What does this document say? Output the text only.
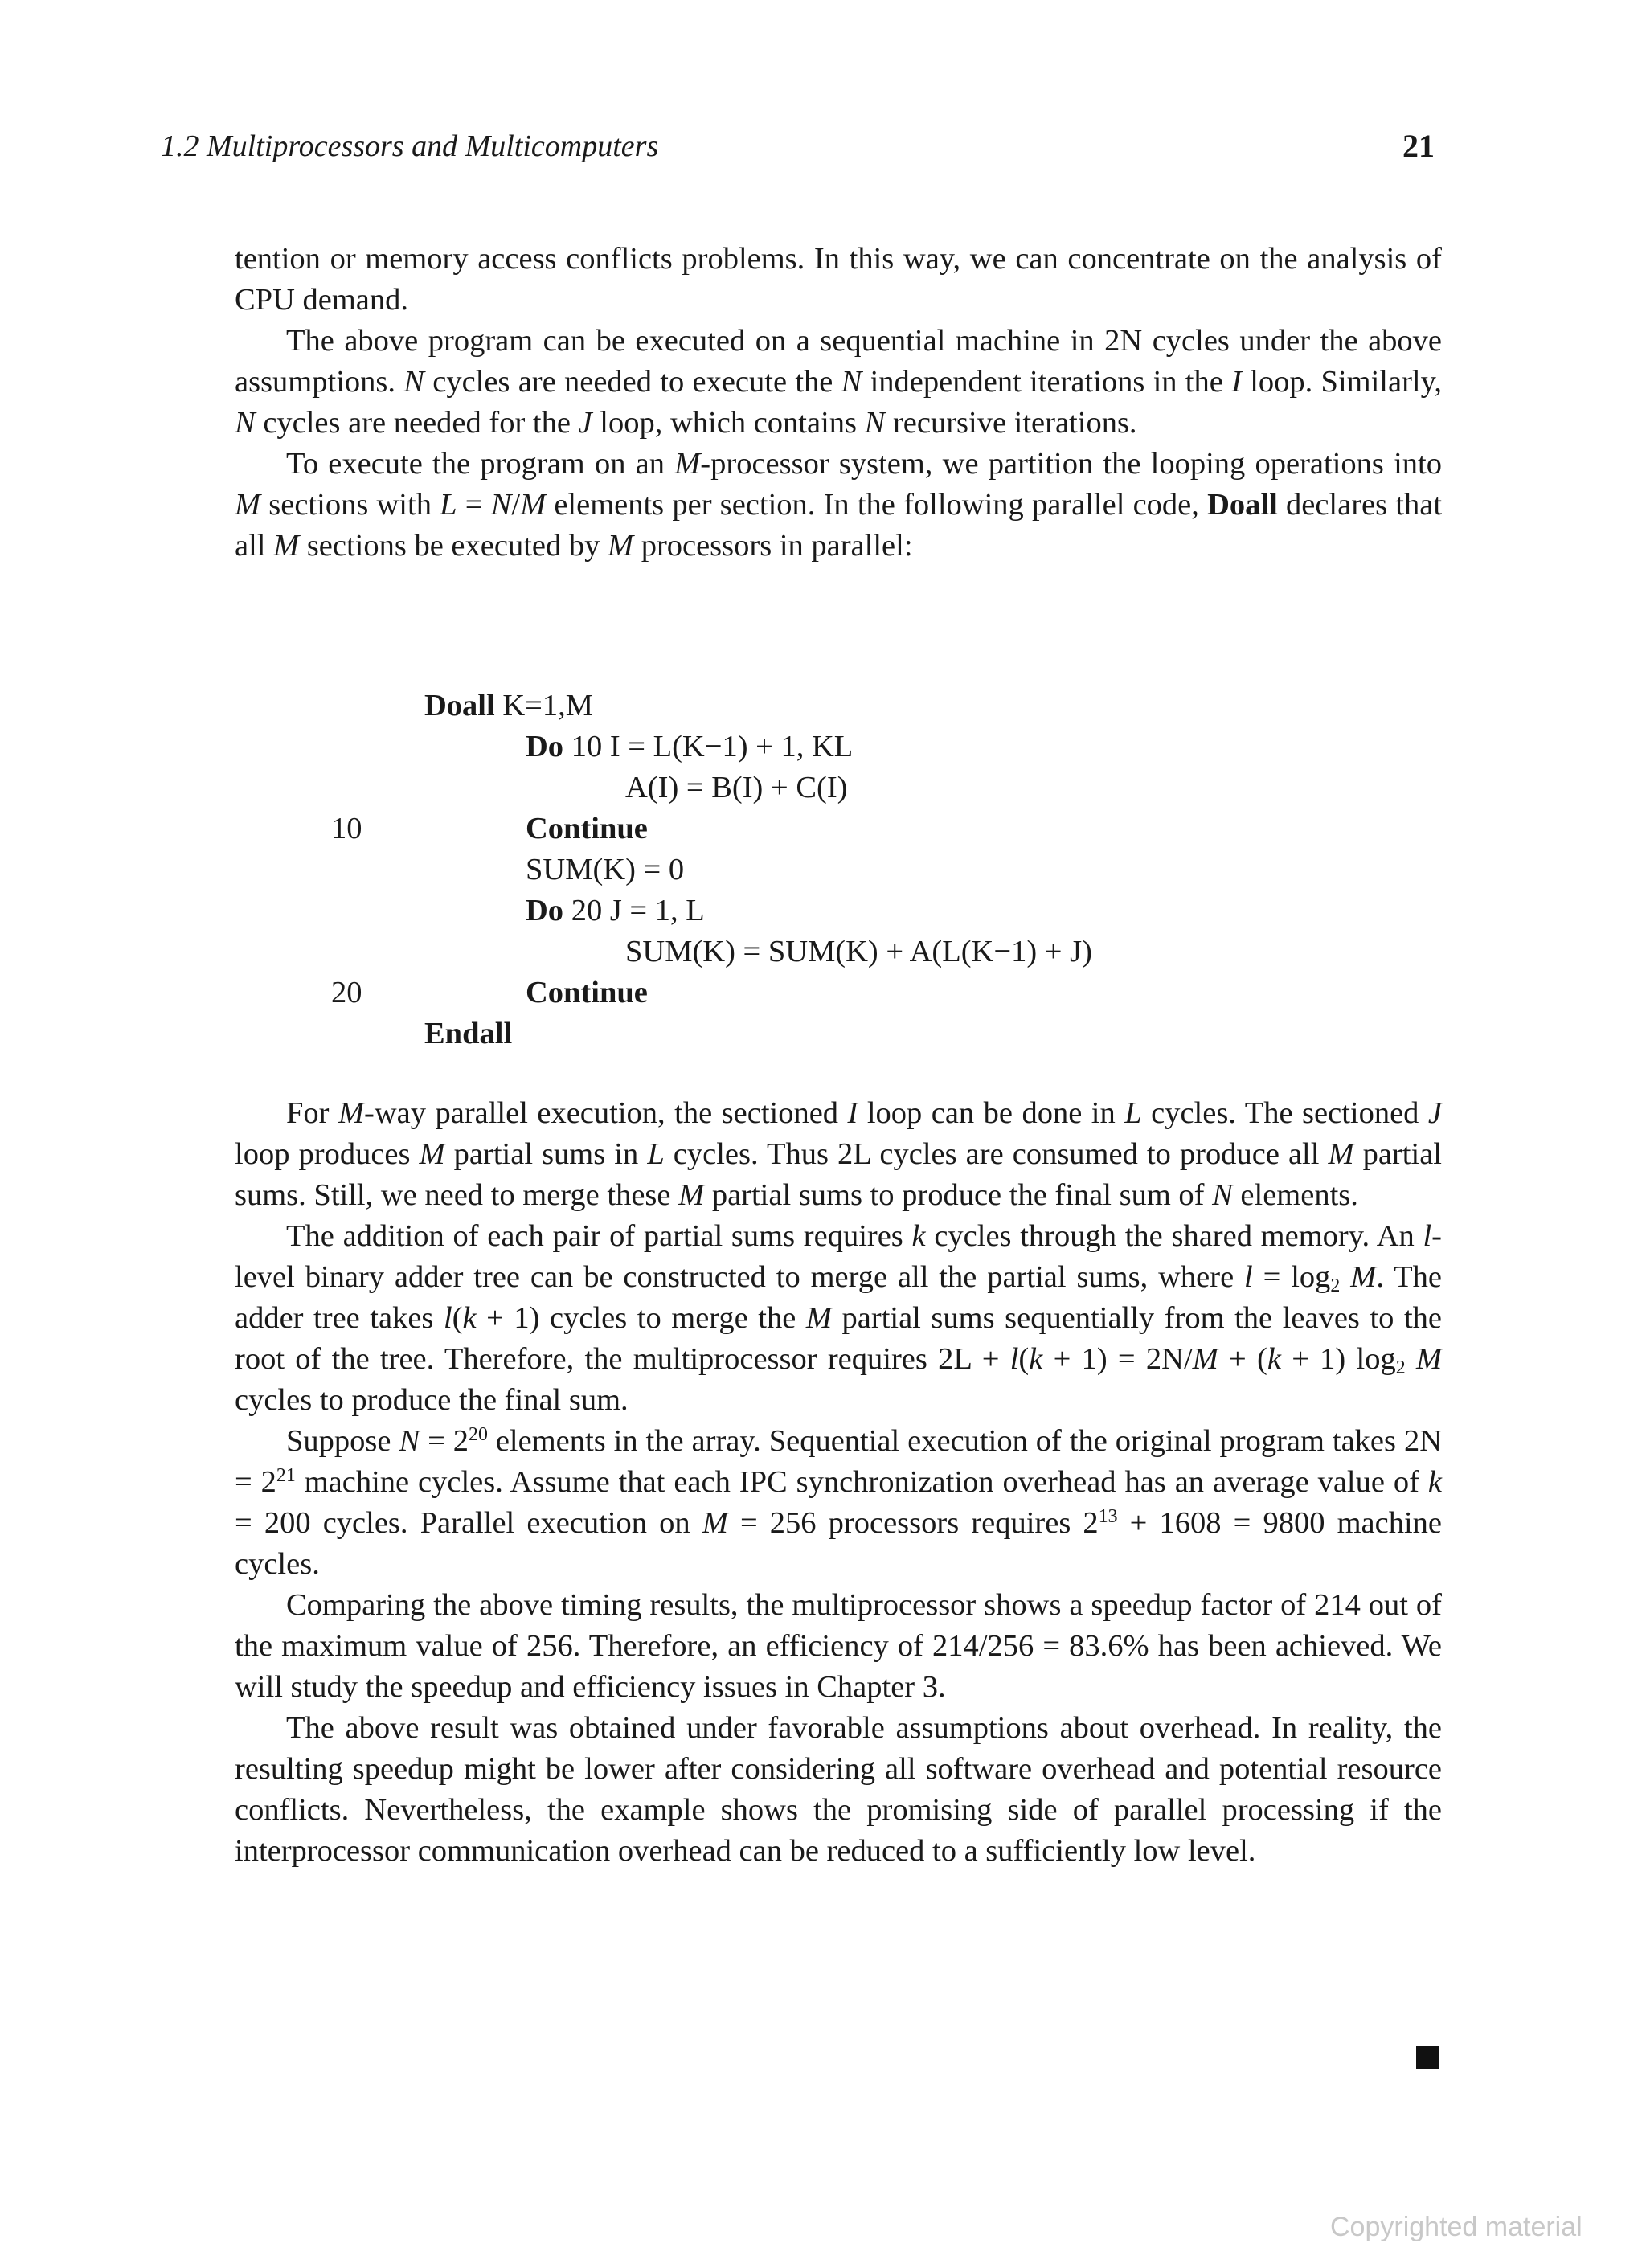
1.2 Multiprocessors and Multicomputers	21

tention or memory access conflicts problems. In this way, we can concentrate on the analysis of CPU demand.

The above program can be executed on a sequential machine in 2N cycles under the above assumptions. N cycles are needed to execute the N independent iterations in the I loop. Similarly, N cycles are needed for the J loop, which contains N recursive iterations.

To execute the program on an M-processor system, we partition the looping operations into M sections with L = N/M elements per section. In the following parallel code, Doall declares that all M sections be executed by M processors in parallel:

Doall K=1,M
Do 10 I = L(K−1) + 1, KL
A(I) = B(I) + C(I)
10	Continue
SUM(K) = 0
Do 20 J = 1, L
SUM(K) = SUM(K) + A(L(K−1) + J)
20	Continue
Endall

For M-way parallel execution, the sectioned I loop can be done in L cycles. The sectioned J loop produces M partial sums in L cycles. Thus 2L cycles are consumed to produce all M partial sums. Still, we need to merge these M partial sums to produce the final sum of N elements.

The addition of each pair of partial sums requires k cycles through the shared memory. An l-level binary adder tree can be constructed to merge all the partial sums, where $l = \log_2 M$. The adder tree takes l(k + 1) cycles to merge the M partial sums sequentially from the leaves to the root of the tree. Therefore, the multiprocessor requires 2L + l(k + 1) = 2N/M + (k + 1) $\log_2 M$ cycles to produce the final sum.

Suppose $N = 2^{20}$ elements in the array. Sequential execution of the original program takes $2N = 2^{21}$ machine cycles. Assume that each IPC synchronization overhead has an average value of k = 200 cycles. Parallel execution on M = 256 processors requires $2^{13} + 1608 = 9800$ machine cycles.

Comparing the above timing results, the multiprocessor shows a speedup factor of 214 out of the maximum value of 256. Therefore, an efficiency of 214/256 = 83.6% has been achieved. We will study the speedup and efficiency issues in Chapter 3.

The above result was obtained under favorable assumptions about overhead. In reality, the resulting speedup might be lower after considering all software overhead and potential resource conflicts. Nevertheless, the example shows the promising side of parallel processing if the interprocessor communication overhead can be reduced to a sufficiently low level.

Copyrighted material
